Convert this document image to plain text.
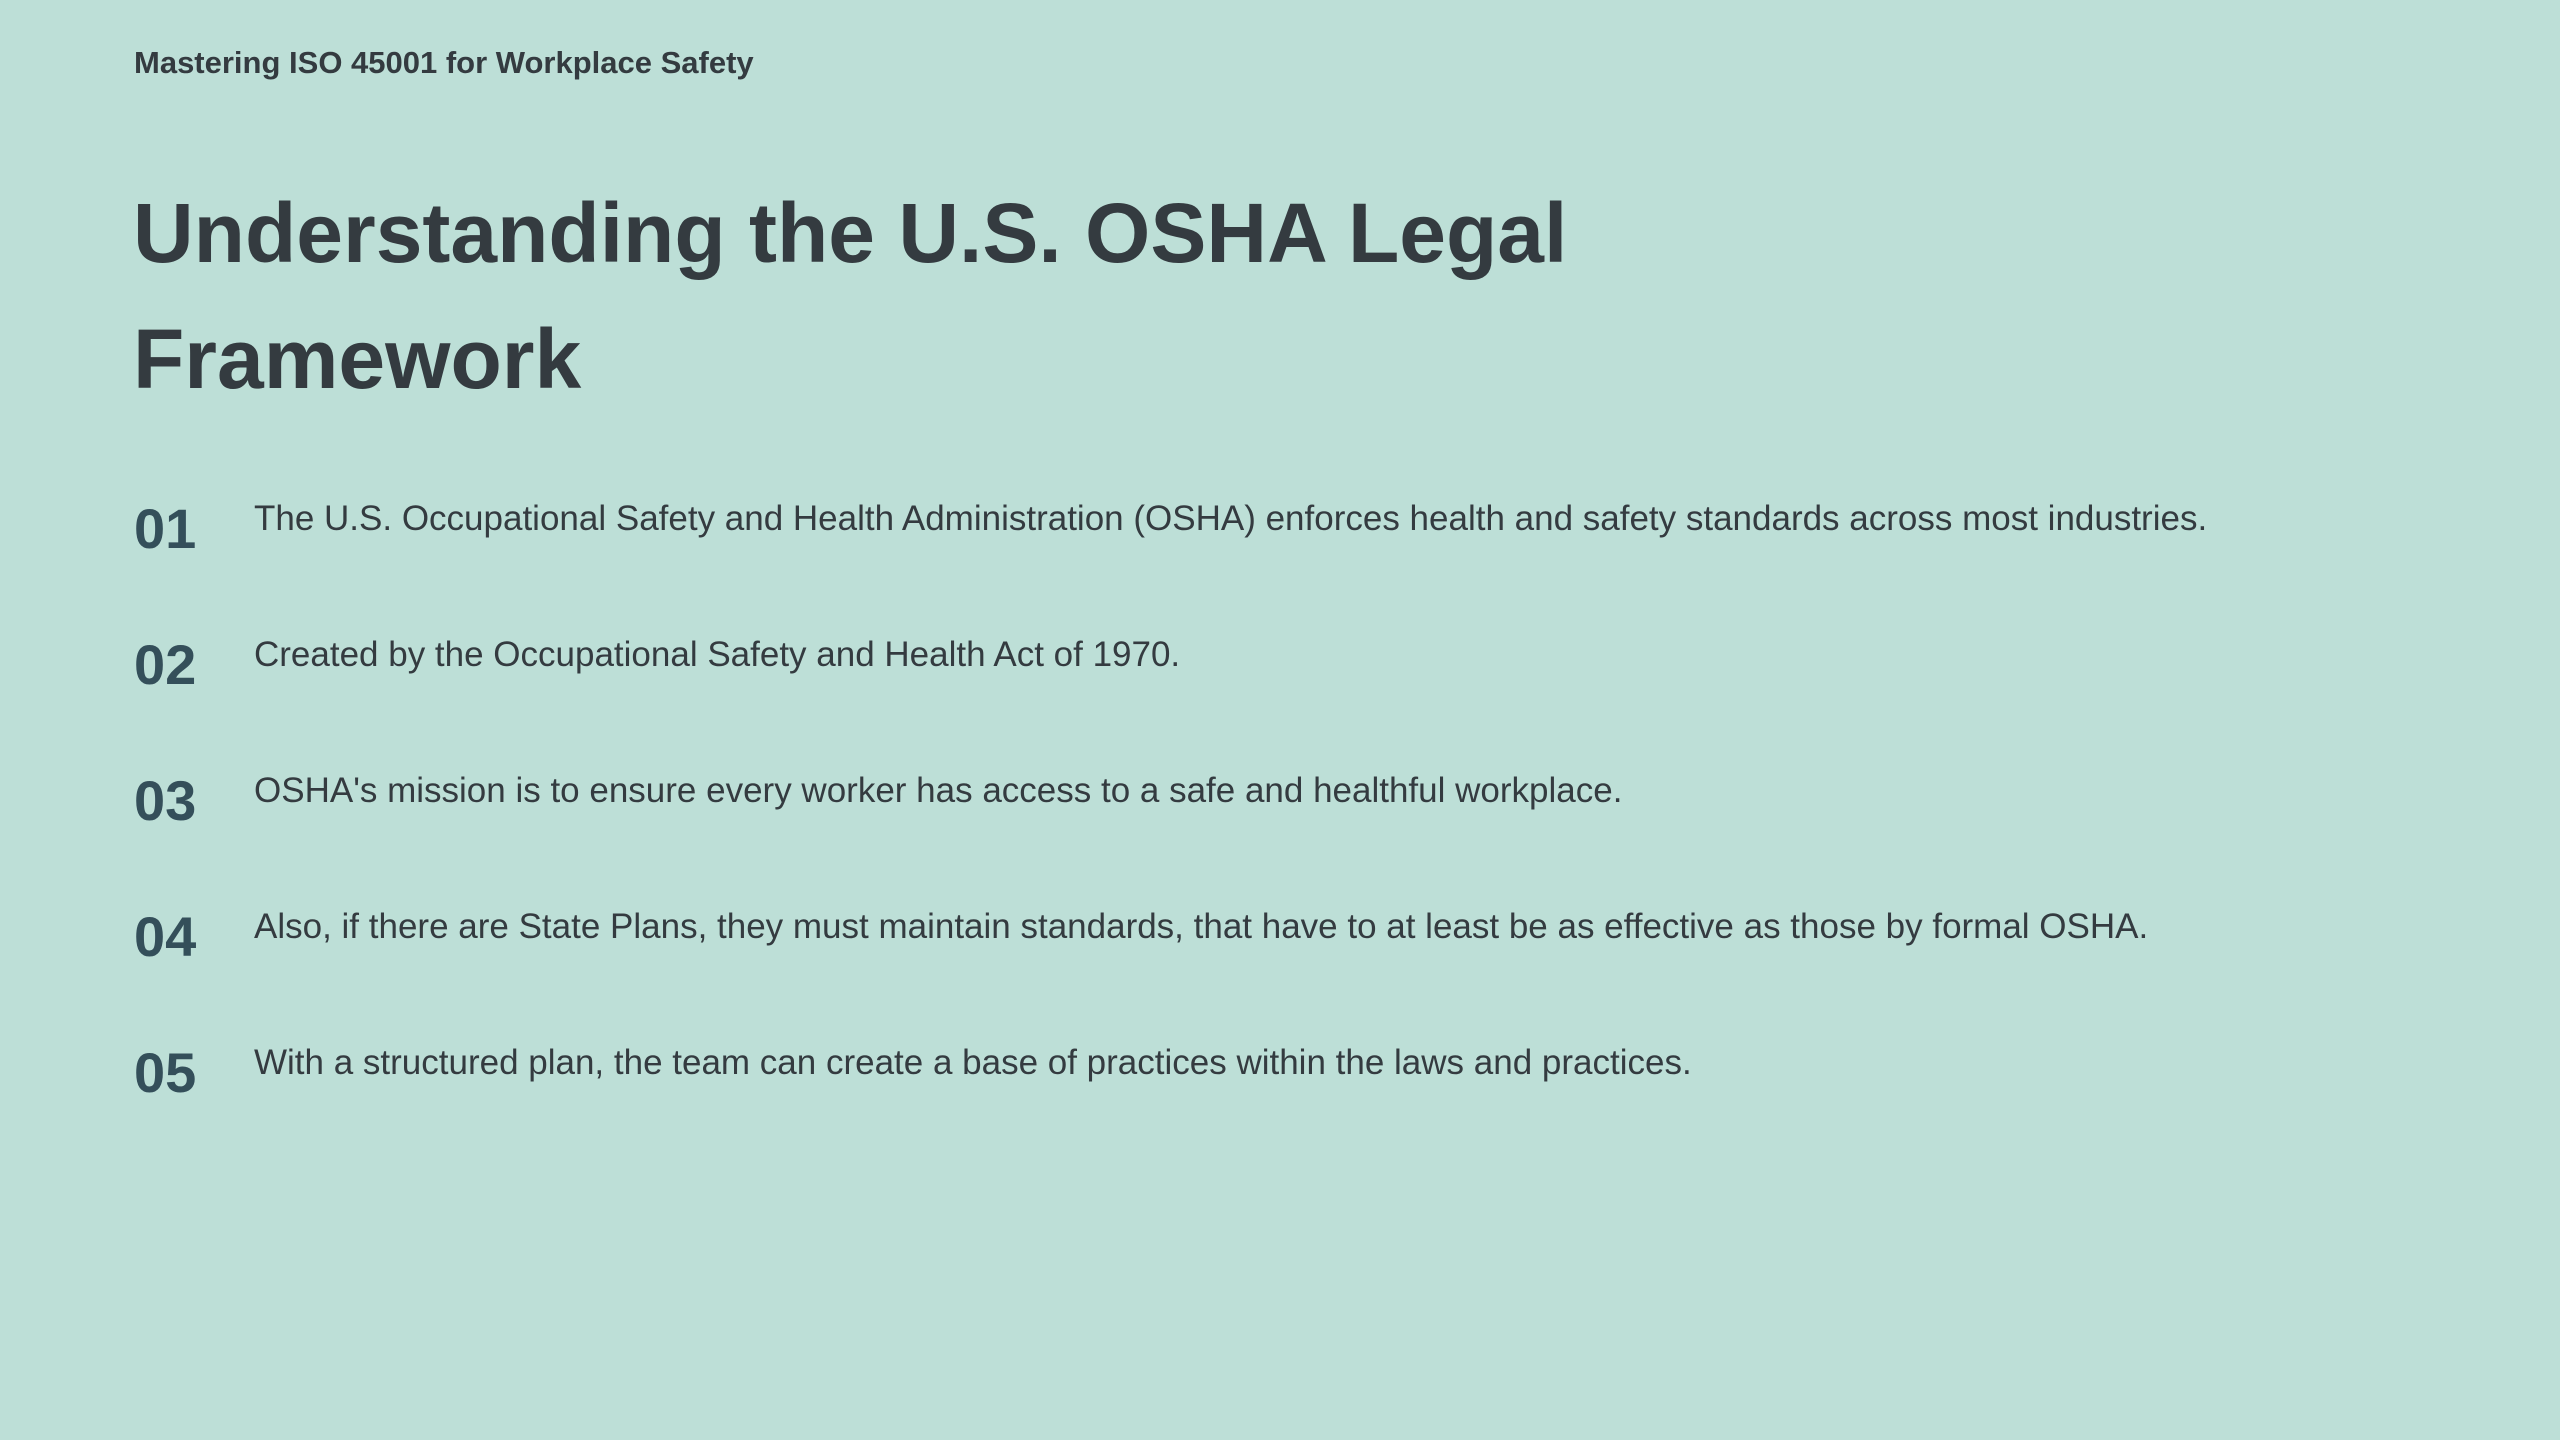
Mastering ISO 45001 for Workplace Safety
Understanding the U.S. OSHA Legal Framework
01 The U.S. Occupational Safety and Health Administration (OSHA) enforces health and safety standards across most industries.
02 Created by the Occupational Safety and Health Act of 1970.
03 OSHA's mission is to ensure every worker has access to a safe and healthful workplace.
04 Also, if there are State Plans, they must maintain standards, that have to at least be as effective as those by formal OSHA.
05 With a structured plan, the team can create a base of practices within the laws and practices.
